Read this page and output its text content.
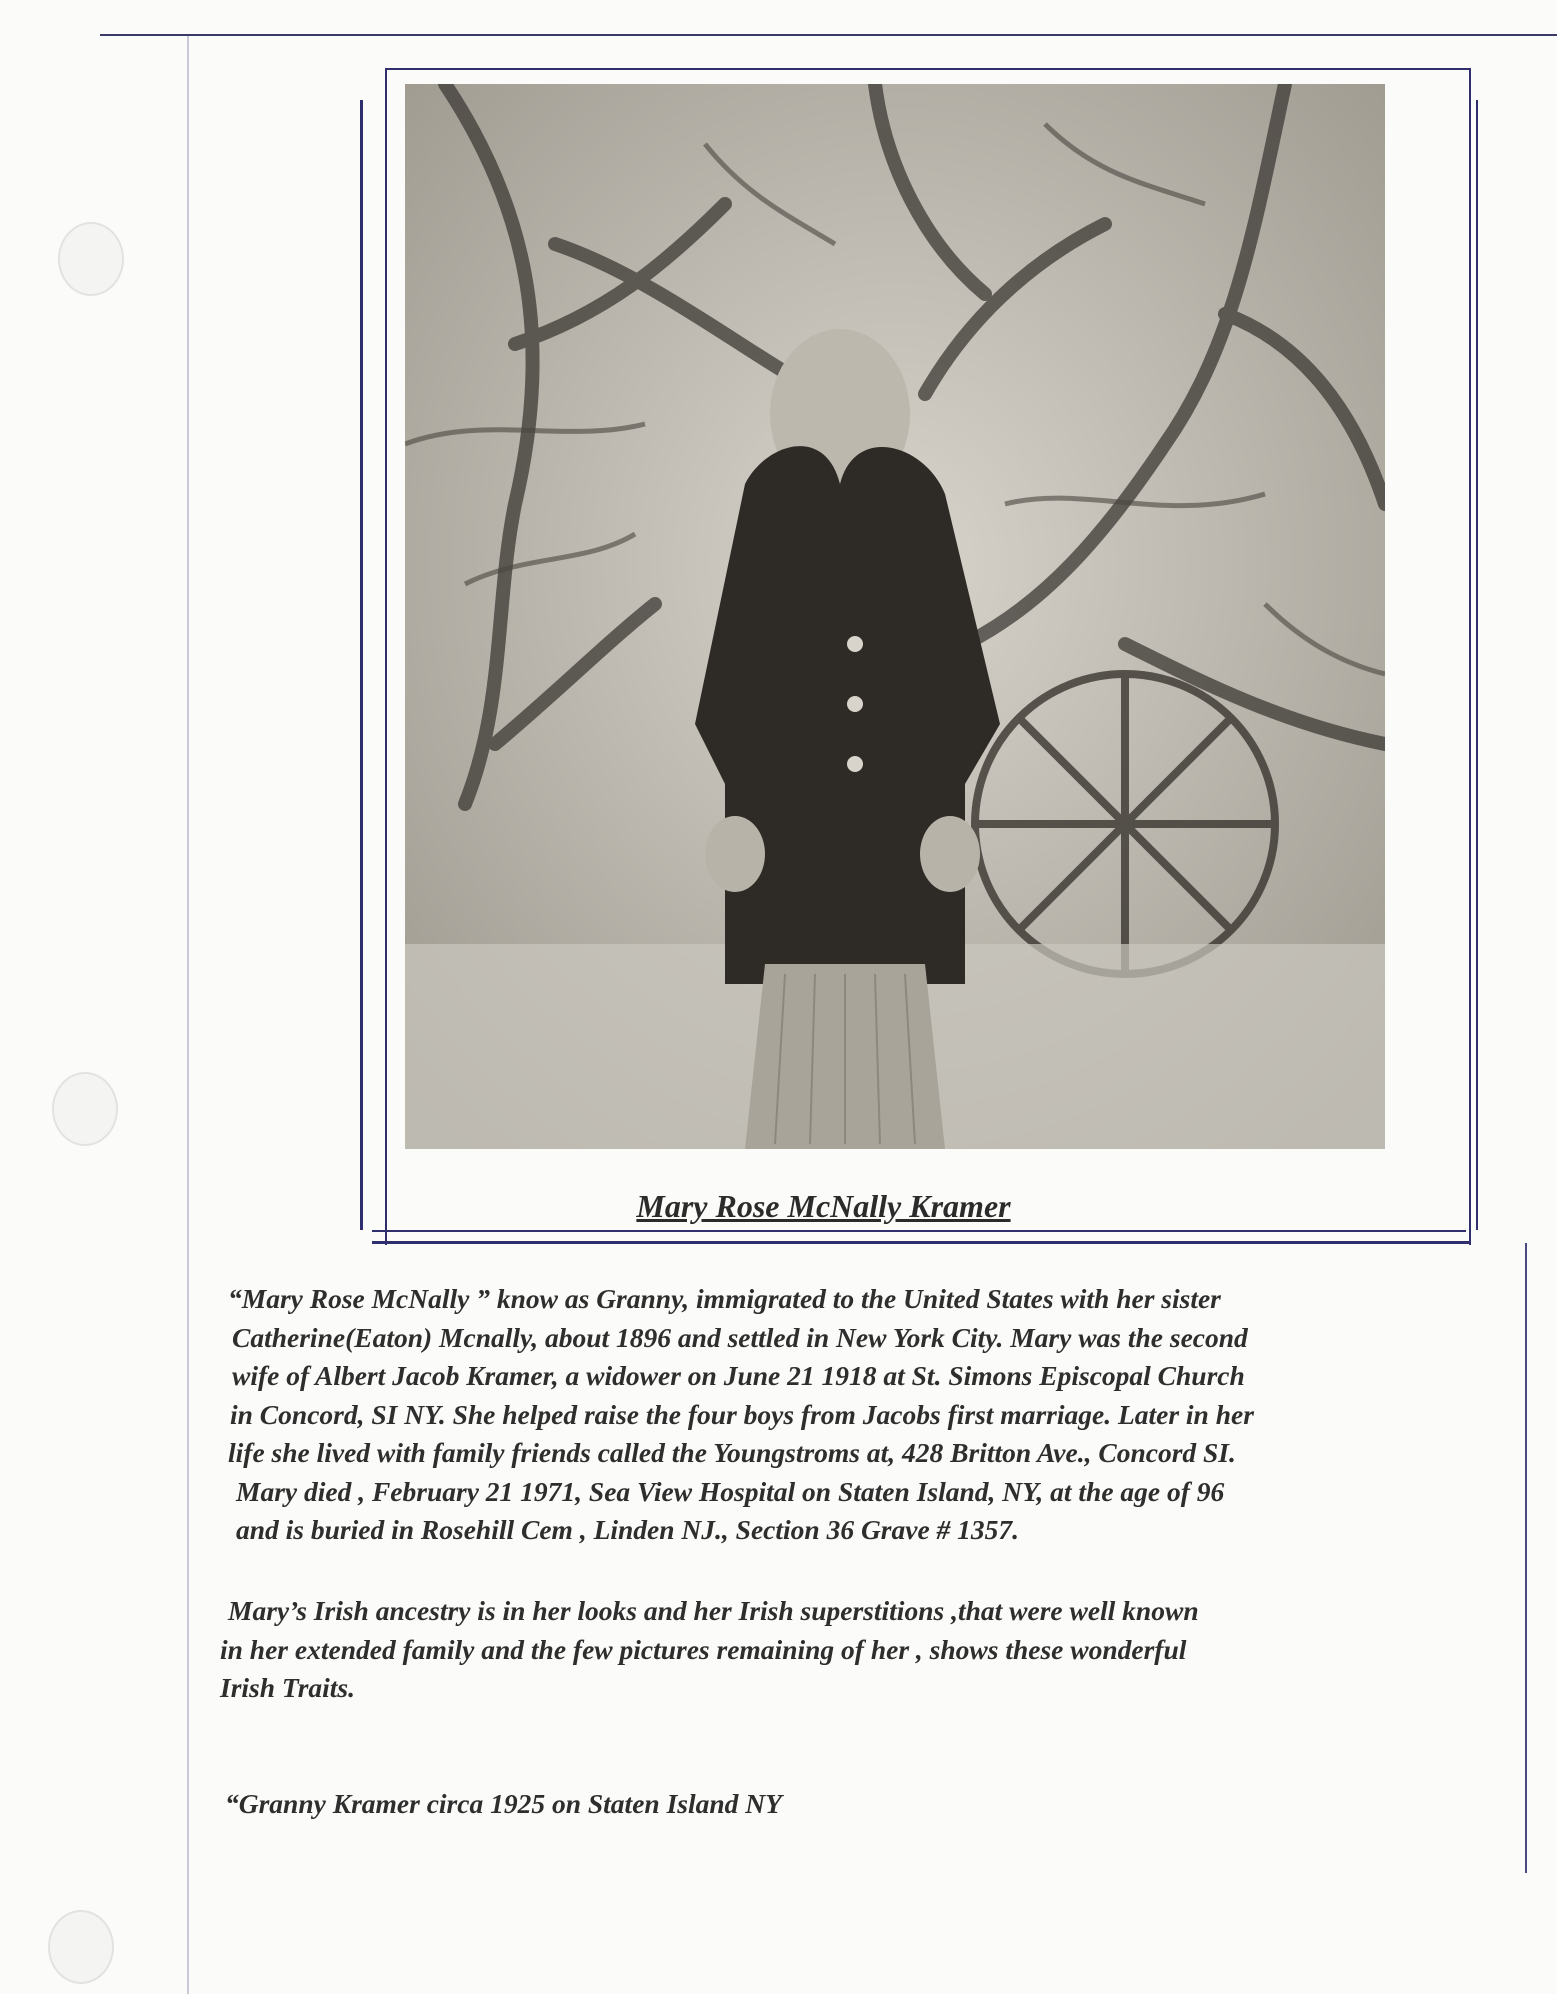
Mary Rose McNally Kramer
“Mary Rose McNally ” know as Granny, immigrated to the United States with her sister
Catherine(Eaton) Mcnally, about 1896 and settled in New York City. Mary was the second
wife of Albert Jacob Kramer, a widower on June 21 1918 at St. Simons Episcopal Church
in Concord, SI NY. She helped raise the four boys from Jacobs first marriage. Later in her
life she lived with family friends called the Youngstroms at, 428 Britton Ave., Concord SI.
Mary died , February 21 1971, Sea View Hospital on Staten Island, NY, at the age of 96
and is buried in Rosehill Cem , Linden NJ., Section 36 Grave # 1357.
Mary’s Irish ancestry is in her looks and her Irish superstitions ,that were well known
in her extended family and the few pictures remaining of her , shows these wonderful
Irish Traits.
“Granny Kramer circa 1925 on Staten Island NY
